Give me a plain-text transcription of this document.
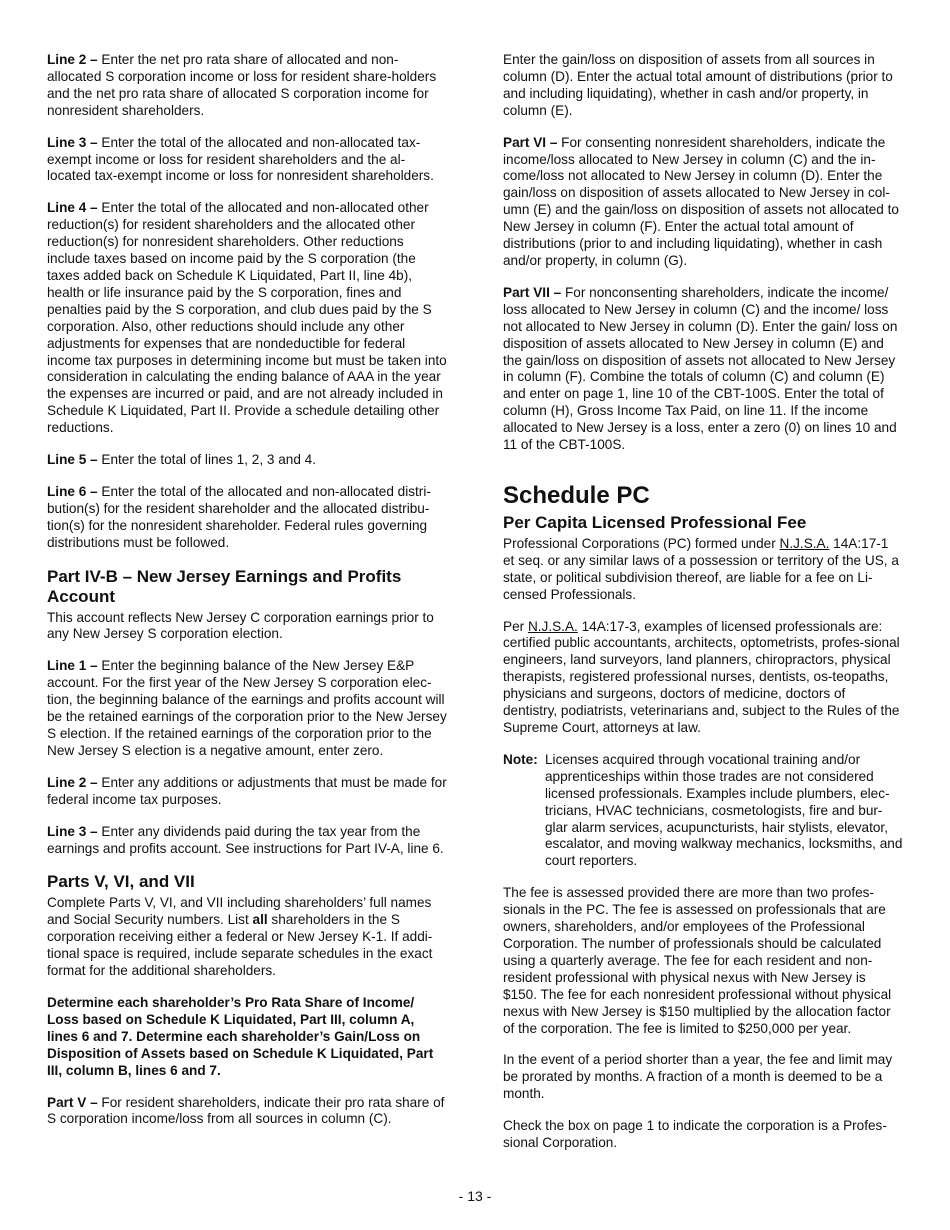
Line 2 – Enter the net pro rata share of allocated and non-allocated S corporation income or loss for resident share-holders and the net pro rata share of allocated S corporation income for nonresident shareholders.

Line 3 – Enter the total of the allocated and non-allocated tax-exempt income or loss for resident shareholders and the al-located tax-exempt income or loss for nonresident shareholders.

Line 4 – Enter the total of the allocated and non-allocated other reduction(s) for resident shareholders and the allocated other reduction(s) for nonresident shareholders. Other reductions include taxes based on income paid by the S corporation (the taxes added back on Schedule K Liquidated, Part II, line 4b), health or life insurance paid by the S corporation, fines and penalties paid by the S corporation, and club dues paid by the S corporation. Also, other reductions should include any other adjustments for expenses that are nondeductible for federal income tax purposes in determining income but must be taken into consideration in calculating the ending balance of AAA in the year the expenses are incurred or paid, and are not already included in Schedule K Liquidated, Part II. Provide a schedule detailing other reductions.

Line 5 – Enter the total of lines 1, 2, 3 and 4.

Line 6 – Enter the total of the allocated and non-allocated distri-bution(s) for the resident shareholder and the allocated distribu-tion(s) for the nonresident shareholder. Federal rules governing distributions must be followed.

Part IV-B – New Jersey Earnings and Profits Account

This account reflects New Jersey C corporation earnings prior to any New Jersey S corporation election.

Line 1 – Enter the beginning balance of the New Jersey E&P account. For the first year of the New Jersey S corporation elec-tion, the beginning balance of the earnings and profits account will be the retained earnings of the corporation prior to the New Jersey S election. If the retained earnings of the corporation prior to the New Jersey S election is a negative amount, enter zero.

Line 2 – Enter any additions or adjustments that must be made for federal income tax purposes.

Line 3 – Enter any dividends paid during the tax year from the earnings and profits account. See instructions for Part IV-A, line 6.

Parts V, VI, and VII

Complete Parts V, VI, and VII including shareholders’ full names and Social Security numbers. List all shareholders in the S corporation receiving either a federal or New Jersey K-1. If addi-tional space is required, include separate schedules in the exact format for the additional shareholders.

Determine each shareholder’s Pro Rata Share of Income/ Loss based on Schedule K Liquidated, Part III, column A, lines 6 and 7. Determine each shareholder’s Gain/Loss on Disposition of Assets based on Schedule K Liquidated, Part III, column B, lines 6 and 7.

Part V – For resident shareholders, indicate their pro rata share of S corporation income/loss from all sources in column (C).

Enter the gain/loss on disposition of assets from all sources in column (D). Enter the actual total amount of distributions (prior to and including liquidating), whether in cash and/or property, in column (E).

Part VI – For consenting nonresident shareholders, indicate the income/loss allocated to New Jersey in column (C) and the in-come/loss not allocated to New Jersey in column (D). Enter the gain/loss on disposition of assets allocated to New Jersey in col-umn (E) and the gain/loss on disposition of assets not allocated to New Jersey in column (F). Enter the actual total amount of distributions (prior to and including liquidating), whether in cash and/or property, in column (G).

Part VII – For nonconsenting shareholders, indicate the income/ loss allocated to New Jersey in column (C) and the income/ loss not allocated to New Jersey in column (D). Enter the gain/ loss on disposition of assets allocated to New Jersey in column (E) and the gain/loss on disposition of assets not allocated to New Jersey in column (F). Combine the totals of column (C) and column (E) and enter on page 1, line 10 of the CBT-100S. Enter the total of column (H), Gross Income Tax Paid, on line 11. If the income allocated to New Jersey is a loss, enter a zero (0) on lines 10 and 11 of the CBT-100S.

Schedule PC
Per Capita Licensed Professional Fee

Professional Corporations (PC) formed under N.J.S.A. 14A:17-1 et seq. or any similar laws of a possession or territory of the US, a state, or political subdivision thereof, are liable for a fee on Li-censed Professionals.

Per N.J.S.A. 14A:17-3, examples of licensed professionals are: certified public accountants, architects, optometrists, profes-sional engineers, land surveyors, land planners, chiropractors, physical therapists, registered professional nurses, dentists, os-teopaths, physicians and surgeons, doctors of medicine, doctors of dentistry, podiatrists, veterinarians and, subject to the Rules of the Supreme Court, attorneys at law.

Note: Licenses acquired through vocational training and/or apprenticeships within those trades are not considered licensed professionals. Examples include plumbers, elec-tricians, HVAC technicians, cosmetologists, fire and bur-glar alarm services, acupuncturists, hair stylists, elevator, escalator, and moving walkway mechanics, locksmiths, and court reporters.

The fee is assessed provided there are more than two profes-sionals in the PC. The fee is assessed on professionals that are owners, shareholders, and/or employees of the Professional Corporation. The number of professionals should be calculated using a quarterly average. The fee for each resident and non-resident professional with physical nexus with New Jersey is $150. The fee for each nonresident professional without physical nexus with New Jersey is $150 multiplied by the allocation factor of the corporation. The fee is limited to $250,000 per year.

In the event of a period shorter than a year, the fee and limit may be prorated by months. A fraction of a month is deemed to be a month.

Check the box on page 1 to indicate the corporation is a Profes-sional Corporation.

- 13 -
